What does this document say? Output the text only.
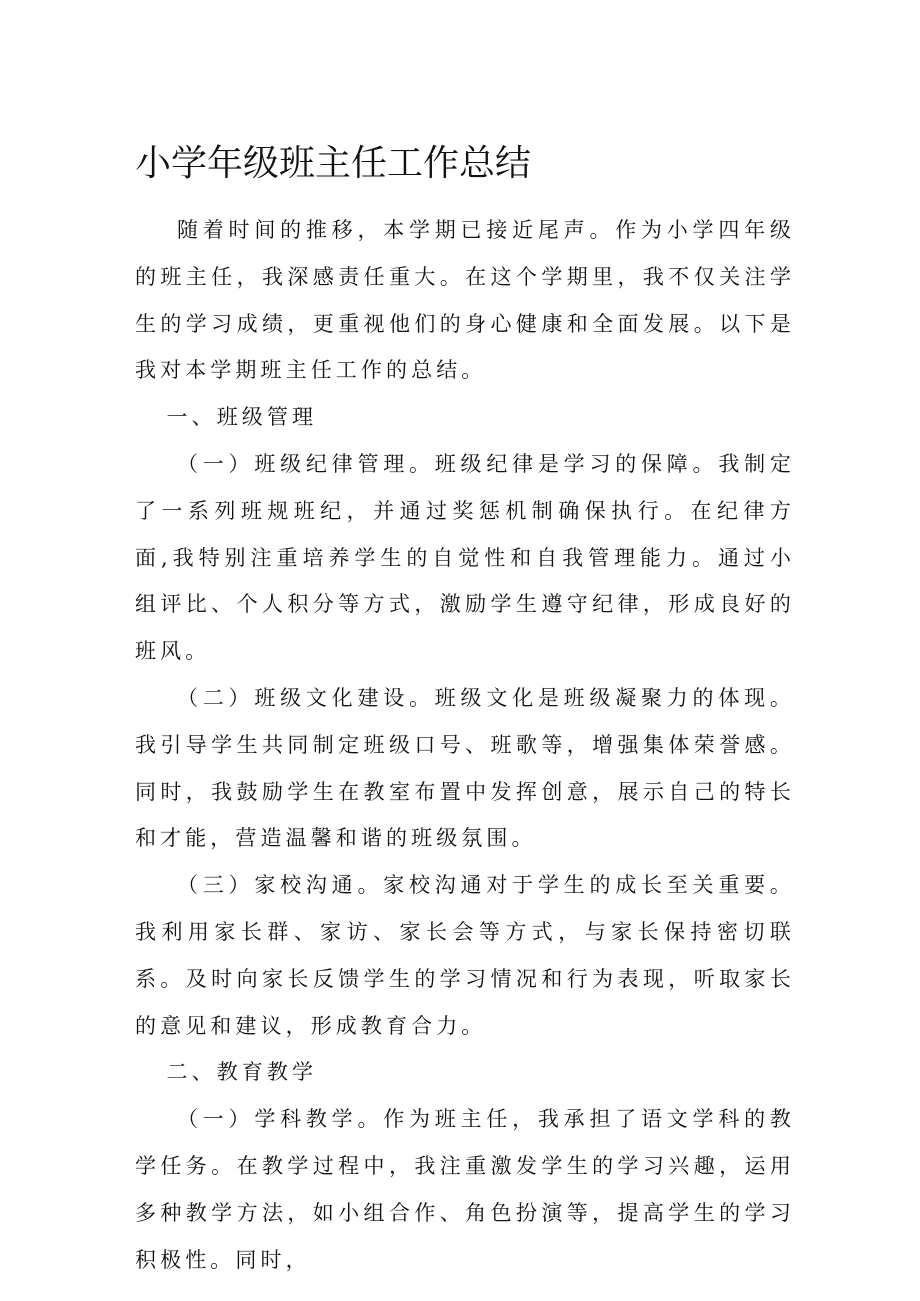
小学年级班主任工作总结

随着时间的推移，本学期已接近尾声。作为小学四年级的班主任，我深感责任重大。在这个学期里，我不仅关注学生的学习成绩，更重视他们的身心健康和全面发展。以下是我对本学期班主任工作的总结。

一、班级管理

（一）班级纪律管理。班级纪律是学习的保障。我制定了一系列班规班纪，并通过奖惩机制确保执行。在纪律方面,我特别注重培养学生的自觉性和自我管理能力。通过小组评比、个人积分等方式，激励学生遵守纪律，形成良好的班风。

（二）班级文化建设。班级文化是班级凝聚力的体现。我引导学生共同制定班级口号、班歌等，增强集体荣誉感。同时，我鼓励学生在教室布置中发挥创意，展示自己的特长和才能，营造温馨和谐的班级氛围。

（三）家校沟通。家校沟通对于学生的成长至关重要。我利用家长群、家访、家长会等方式，与家长保持密切联系。及时向家长反馈学生的学习情况和行为表现，听取家长的意见和建议，形成教育合力。

二、教育教学

（一）学科教学。作为班主任，我承担了语文学科的教学任务。在教学过程中，我注重激发学生的学习兴趣，运用多种教学方法，如小组合作、角色扮演等，提高学生的学习积极性。同时，
